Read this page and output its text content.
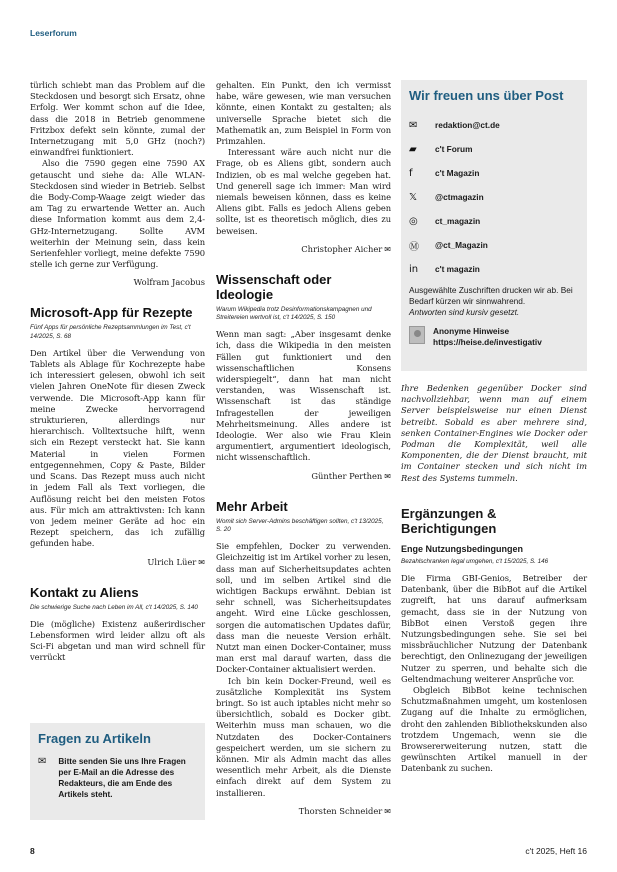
Leserforum

türlich schiebt man das Problem auf die Steckdosen und besorgt sich Ersatz, ohne Erfolg. Wer kommt schon auf die Idee, dass die 2018 in Betrieb genommene Fritzbox defekt sein könnte, zumal der Internetzugang mit 5,0 GHz (noch?) einwandfrei funktioniert.

Also die 7590 gegen eine 7590 AX getauscht und siehe da: Alle WLAN-Steckdosen sind wieder in Betrieb. Selbst die Body-Comp-Waage zeigt wieder das am Tag zu erwartende Wetter an. Auch diese Information kommt aus dem 2,4-GHz-Internetzugang. Sollte AVM weiterhin der Meinung sein, dass kein Serienfehler vorliegt, meine defekte 7590 stelle ich gerne zur Verfügung.

Wolfram Jacobus
Microsoft-App für Rezepte
Fünf Apps für persönliche Rezeptsammlungen im Test, c't 14/2025, S. 68

Den Artikel über die Verwendung von Tablets als Ablage für Kochrezepte habe ich interessiert gelesen, obwohl ich seit vielen Jahren OneNote für diesen Zweck verwende. Die Microsoft-App kann für meine Zwecke hervorragend strukturieren, allerdings nur hierarchisch. Volltextsuche hilft, wenn sich ein Rezept versteckt hat. Sie kann Material in vielen Formen entgegennehmen, Copy & Paste, Bilder und Scans. Das Rezept muss auch nicht in jedem Fall als Text vorliegen, die Auflösung reicht bei den meisten Fotos aus. Für mich am attraktivsten: Ich kann von jedem meiner Geräte ad hoc ein Rezept speichern, das ich zufällig gefunden habe.

Ulrich Lüer ✉
Kontakt zu Aliens
Die schwierige Suche nach Leben im All, c't 14/2025, S. 140

Die (mögliche) Existenz außerirdischer Lebensformen wird leider allzu oft als Sci-Fi abgetan und man wird schnell für verrückt

Fragen zu Artikeln
✉ Bitte senden Sie uns Ihre Fragen per E-Mail an die Adresse des Redakteurs, die am Ende des Artikels steht.

gehalten. Ein Punkt, den ich vermisst habe, wäre gewesen, wie man versuchen könnte, einen Kontakt zu gestalten; als universelle Sprache bietet sich die Mathematik an, zum Beispiel in Form von Primzahlen.

Interessant wäre auch nicht nur die Frage, ob es Aliens gibt, sondern auch Indizien, ob es mal welche gegeben hat. Und generell sage ich immer: Man wird niemals beweisen können, dass es keine Aliens gibt. Falls es jedoch Aliens geben sollte, ist es theoretisch möglich, dies zu beweisen.

Christopher Aicher ✉
Wissenschaft oder Ideologie
Warum Wikipedia trotz Desinformationskampagnen und Streitereien wertvoll ist, c't 14/2025, S. 150

Wenn man sagt: „Aber insgesamt denke ich, dass die Wikipedia in den meisten Fällen gut funktioniert und den wissenschaftlichen Konsens widerspiegelt“, dann hat man nicht verstanden, was Wissenschaft ist. Wissenschaft ist das ständige Infragestellen der jeweiligen Mehrheitsmeinung. Alles andere ist Ideologie. Wer also wie Frau Klein argumentiert, argumentiert ideologisch, nicht wissenschaftlich.

Günther Perthen ✉
Mehr Arbeit
Womit sich Server-Admins beschäftigen sollten, c't 13/2025, S. 20

Sie empfehlen, Docker zu verwenden. Gleichzeitig ist im Artikel vorher zu lesen, dass man auf Sicherheitsupdates achten soll, und im selben Artikel sind die wichtigen Backups erwähnt. Debian ist sehr schnell, was Sicherheitsupdates angeht. Wird eine Lücke geschlossen, sorgen die automatischen Updates dafür, dass man die neueste Version erhält. Nutzt man einen Docker-Container, muss man erst mal darauf warten, dass die Docker-Container aktualisiert werden.

Ich bin kein Docker-Freund, weil es zusätzliche Komplexität ins System bringt. So ist auch iptables nicht mehr so übersichtlich, sobald es Docker gibt. Weiterhin muss man schauen, wo die Nutzdaten des Docker-Containers gespeichert werden, um sie sichern zu können. Mir als Admin macht das alles wesentlich mehr Arbeit, als die Dienste einfach direkt auf dem System zu installieren.

Thorsten Schneider ✉
Wir freuen uns über Post
✉	redaktion@ct.de
▰	c't Forum
f	c't Magazin
𝕏	@ctmagazin
◎	ct_magazin
Ⓜ	@ct_Magazin
in	c't magazin
Ausgewählte Zuschriften drucken wir ab. Bei Bedarf kürzen wir sinnwahrend.
Antworten sind kursiv gesetzt.
Anonyme Hinweise
https://heise.de/investigativ
Ihre Bedenken gegenüber Docker sind nachvollziehbar, wenn man auf einem Server beispielsweise nur einen Dienst betreibt. Sobald es aber mehrere sind, senken Container-Engines wie Docker oder Podman die Komplexität, weil alle Komponenten, die der Dienst braucht, mit im Container stecken und sich nicht im Rest des Systems tummeln.
Ergänzungen & Berichtigungen
Enge Nutzungsbedingungen
Bezahlschranken legal umgehen, c't 15/2025, S. 146

Die Firma GBI-Genios, Betreiber der Datenbank, über die BibBot auf die Artikel zugreift, hat uns darauf aufmerksam gemacht, dass sie in der Nutzung von BibBot einen Verstoß gegen ihre Nutzungsbedingungen sehe. Sie sei bei missbräuchlicher Nutzung der Datenbank berechtigt, den Onlinezugang der jeweiligen Nutzer zu sperren, und behalte sich die Geltendmachung weiterer Ansprüche vor.

Obgleich BibBot keine technischen Schutzmaßnahmen umgeht, um kostenlosen Zugang auf die Inhalte zu ermöglichen, droht den zahlenden Bibliothekskunden also trotzdem Ungemach, wenn sie die Browsererweiterung nutzen, statt die gewünschten Artikel manuell in der Datenbank zu suchen.

8	c't 2025, Heft 16
